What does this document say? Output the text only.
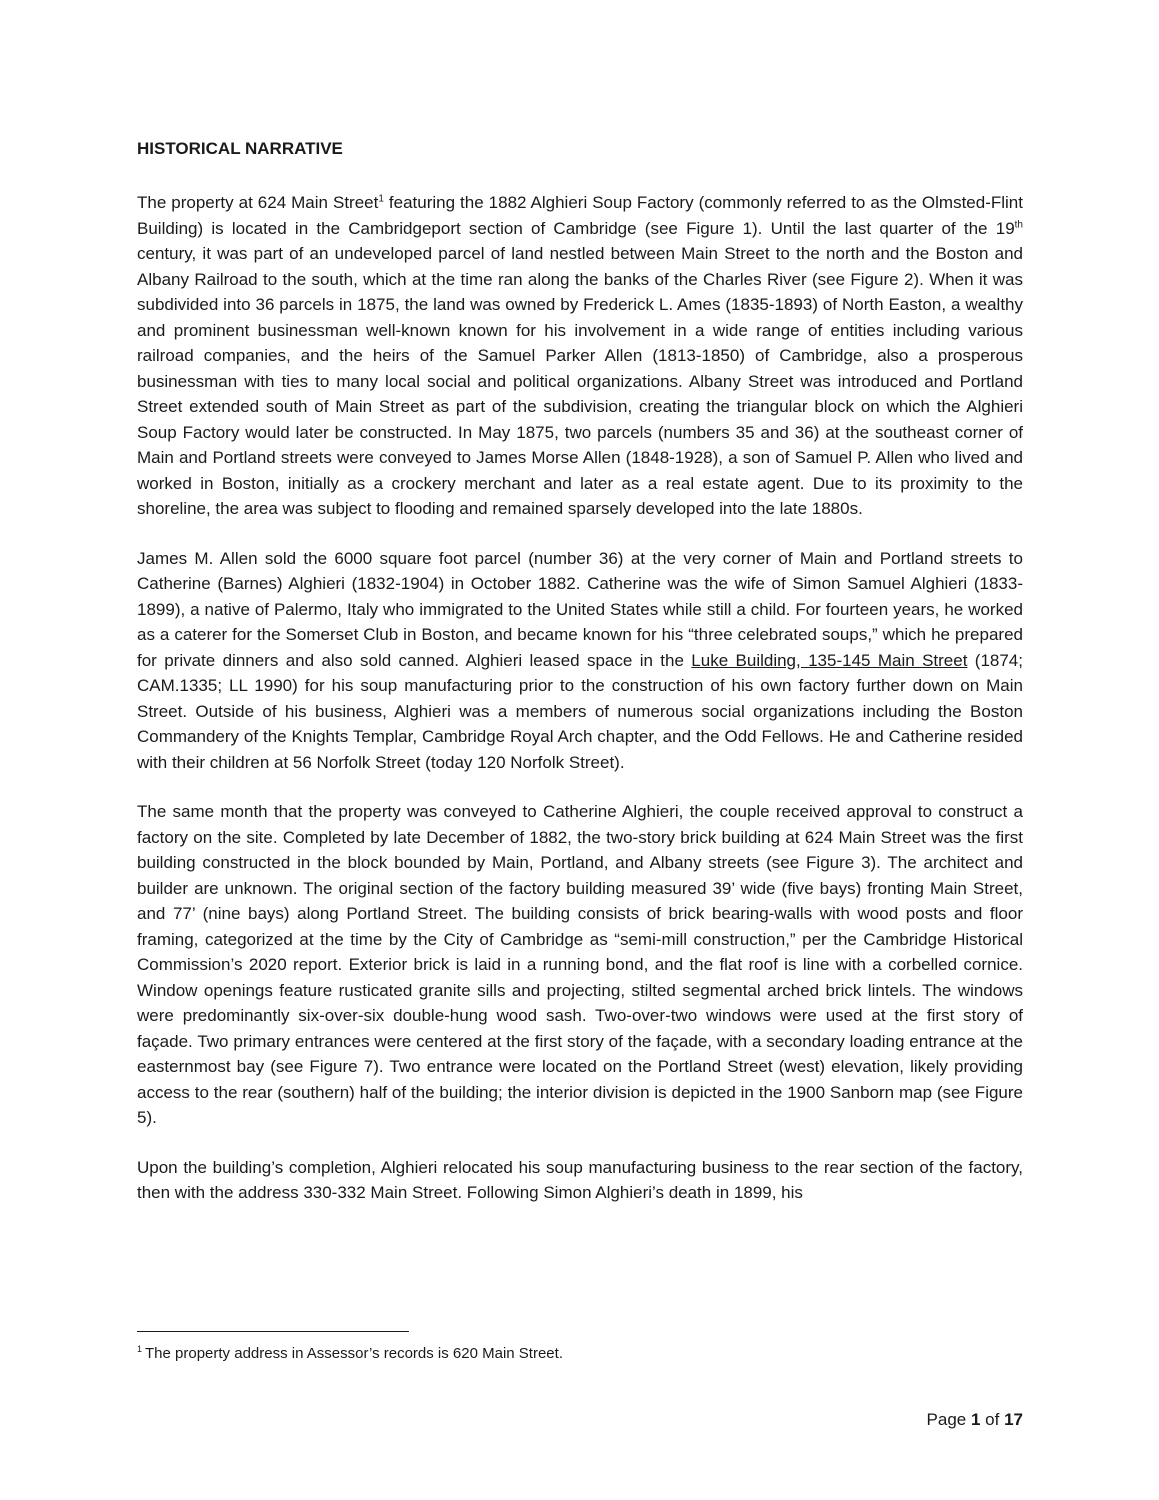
HISTORICAL NARRATIVE

The property at 624 Main Street$^1$ featuring the 1882 Alghieri Soup Factory (commonly referred to as the Olmsted-Flint Building) is located in the Cambridgeport section of Cambridge (see Figure 1). Until the last quarter of the 19th century, it was part of an undeveloped parcel of land nestled between Main Street to the north and the Boston and Albany Railroad to the south, which at the time ran along the banks of the Charles River (see Figure 2). When it was subdivided into 36 parcels in 1875, the land was owned by Frederick L. Ames (1835-1893) of North Easton, a wealthy and prominent businessman well-known known for his involvement in a wide range of entities including various railroad companies, and the heirs of the Samuel Parker Allen (1813-1850) of Cambridge, also a prosperous businessman with ties to many local social and political organizations. Albany Street was introduced and Portland Street extended south of Main Street as part of the subdivision, creating the triangular block on which the Alghieri Soup Factory would later be constructed. In May 1875, two parcels (numbers 35 and 36) at the southeast corner of Main and Portland streets were conveyed to James Morse Allen (1848-1928), a son of Samuel P. Allen who lived and worked in Boston, initially as a crockery merchant and later as a real estate agent. Due to its proximity to the shoreline, the area was subject to flooding and remained sparsely developed into the late 1880s.

James M. Allen sold the 6000 square foot parcel (number 36) at the very corner of Main and Portland streets to Catherine (Barnes) Alghieri (1832-1904) in October 1882. Catherine was the wife of Simon Samuel Alghieri (1833-1899), a native of Palermo, Italy who immigrated to the United States while still a child. For fourteen years, he worked as a caterer for the Somerset Club in Boston, and became known for his “three celebrated soups,” which he prepared for private dinners and also sold canned. Alghieri leased space in the Luke Building, 135-145 Main Street (1874; CAM.1335; LL 1990) for his soup manufacturing prior to the construction of his own factory further down on Main Street. Outside of his business, Alghieri was a members of numerous social organizations including the Boston Commandery of the Knights Templar, Cambridge Royal Arch chapter, and the Odd Fellows. He and Catherine resided with their children at 56 Norfolk Street (today 120 Norfolk Street).

The same month that the property was conveyed to Catherine Alghieri, the couple received approval to construct a factory on the site. Completed by late December of 1882, the two-story brick building at 624 Main Street was the first building constructed in the block bounded by Main, Portland, and Albany streets (see Figure 3). The architect and builder are unknown. The original section of the factory building measured 39’ wide (five bays) fronting Main Street, and 77’ (nine bays) along Portland Street. The building consists of brick bearing-walls with wood posts and floor framing, categorized at the time by the City of Cambridge as “semi-mill construction,” per the Cambridge Historical Commission’s 2020 report. Exterior brick is laid in a running bond, and the flat roof is line with a corbelled cornice. Window openings feature rusticated granite sills and projecting, stilted segmental arched brick lintels. The windows were predominantly six-over-six double-hung wood sash. Two-over-two windows were used at the first story of façade. Two primary entrances were centered at the first story of the façade, with a secondary loading entrance at the easternmost bay (see Figure 7). Two entrance were located on the Portland Street (west) elevation, likely providing access to the rear (southern) half of the building; the interior division is depicted in the 1900 Sanborn map (see Figure 5).

Upon the building’s completion, Alghieri relocated his soup manufacturing business to the rear section of the factory, then with the address 330-332 Main Street. Following Simon Alghieri’s death in 1899, his

$^1$ The property address in Assessor’s records is 620 Main Street.
Page 1 of 17
